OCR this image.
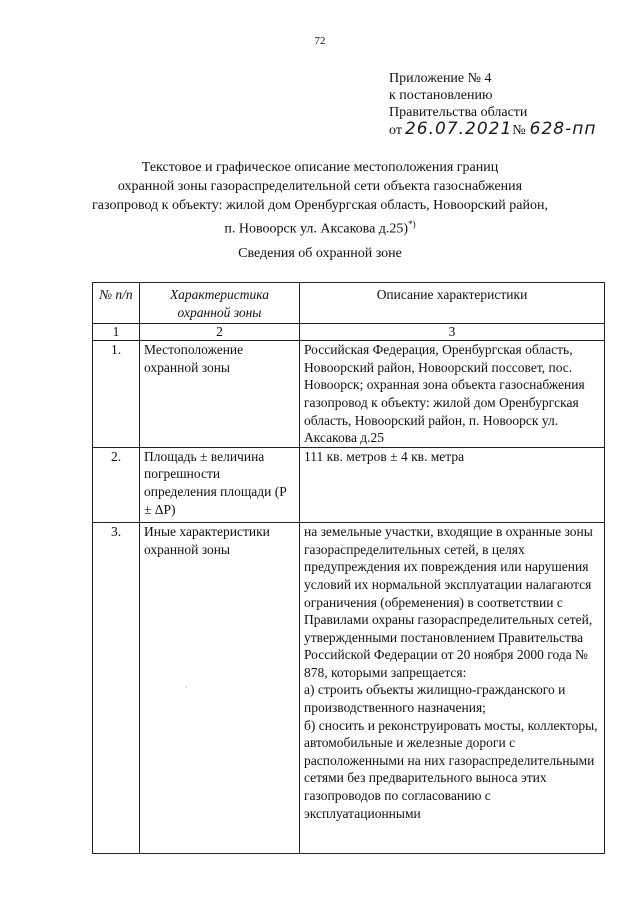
72
Приложение № 4
к постановлению
Правительства области
от 26.07.2021 № 628-пп
Текстовое и графическое описание местоположения границ
охранной зоны газораспределительной сети объекта газоснабжения
газопровод к объекту: жилой дом Оренбургская область, Новоорский район,
п. Новоорск ул. Аксакова д.25)*)
Сведения об охранной зоне
№ п/п	Характеристика охранной зоны	Описание характеристики
1	2	3
1.	Местоположение охранной зоны	Российская Федерация, Оренбургская область, Новоорский район, Новоорский поссовет, пос. Новоорск; охранная зона объекта газоснабжения газопровод к объекту: жилой дом Оренбургская область, Новоорский район, п. Новоорск ул. Аксакова д.25
2.	Площадь ± величина погрешности определения площади (P ± ΔP)	111 кв. метров ± 4 кв. метра
3.	Иные характеристики охранной зоны	на земельные участки, входящие в охранные зоны газораспределительных сетей, в целях предупреждения их повреждения или нарушения условий их нормальной эксплуатации налагаются ограничения (обременения) в соответствии с Правилами охраны газораспределительных сетей, утвержденными постановлением Правительства Российской Федерации от 20 ноября 2000 года № 878, которыми запрещается:
а) строить объекты жилищно-гражданского и производственного назначения;
б) сносить и реконструировать мосты, коллекторы, автомобильные и железные дороги с расположенными на них газораспределительными сетями без предварительного выноса этих газопроводов по согласованию с эксплуатационными
·
